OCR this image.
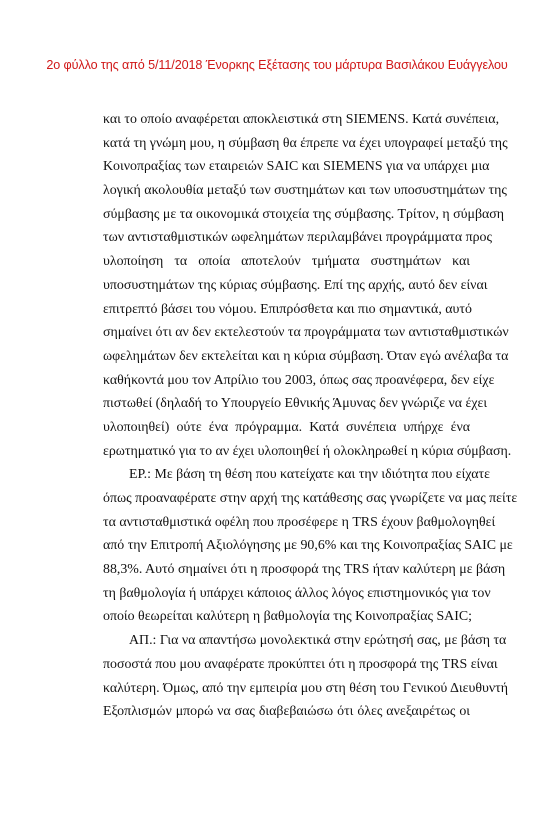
2ο φύλλο της από 5/11/2018 Ένορκης Εξέτασης του μάρτυρα Βασιλάκου Ευάγγελου
και το οποίο αναφέρεται αποκλειστικά στη SIEMENS. Κατά συνέπεια,
κατά τη γνώμη μου, η σύμβαση θα έπρεπε να έχει υπογραφεί μεταξύ της
Κοινοπραξίας των εταιρειών SAIC και SIEMENS για να υπάρχει μια
λογική ακολουθία μεταξύ των συστημάτων και των υποσυστημάτων της
σύμβασης με τα οικονομικά στοιχεία της σύμβασης. Τρίτον, η σύμβαση
των αντισταθμιστικών ωφελημάτων περιλαμβάνει προγράμματα προς
υλοποίηση τα οποία αποτελούν τμήματα συστημάτων και
υποσυστημάτων της κύριας σύμβασης. Επί της αρχής, αυτό δεν είναι
επιτρεπτό βάσει του νόμου. Επιπρόσθετα και πιο σημαντικά, αυτό
σημαίνει ότι αν δεν εκτελεστούν τα προγράμματα των αντισταθμιστικών
ωφελημάτων δεν εκτελείται και η κύρια σύμβαση. Όταν εγώ ανέλαβα τα
καθήκοντά μου τον Απρίλιο του 2003, όπως σας προανέφερα, δεν είχε
πιστωθεί (δηλαδή το Υπουργείο Εθνικής Άμυνας δεν γνώριζε να έχει
υλοποιηθεί) ούτε ένα πρόγραμμα. Κατά συνέπεια υπήρχε ένα
ερωτηματικό για το αν έχει υλοποιηθεί ή ολοκληρωθεί η κύρια σύμβαση.
ΕΡ.: Με βάση τη θέση που κατείχατε και την ιδιότητα που είχατε
όπως προαναφέρατε στην αρχή της κατάθεσης σας γνωρίζετε να μας πείτε
τα αντισταθμιστικά οφέλη που προσέφερε η TRS έχουν βαθμολογηθεί
από την Επιτροπή Αξιολόγησης με 90,6% και της Κοινοπραξίας SAIC με
88,3%. Αυτό σημαίνει ότι η προσφορά της TRS ήταν καλύτερη με βάση
τη βαθμολογία ή υπάρχει κάποιος άλλος λόγος επιστημονικός για τον
οποίο θεωρείται καλύτερη η βαθμολογία της Κοινοπραξίας SAIC;
ΑΠ.: Για να απαντήσω μονολεκτικά στην ερώτησή σας, με βάση τα
ποσοστά που μου αναφέρατε προκύπτει ότι η προσφορά της TRS είναι
καλύτερη. Όμως, από την εμπειρία μου στη θέση του Γενικού Διευθυντή
Εξοπλισμών μπορώ να σας διαβεβαιώσω ότι όλες ανεξαιρέτως οι
